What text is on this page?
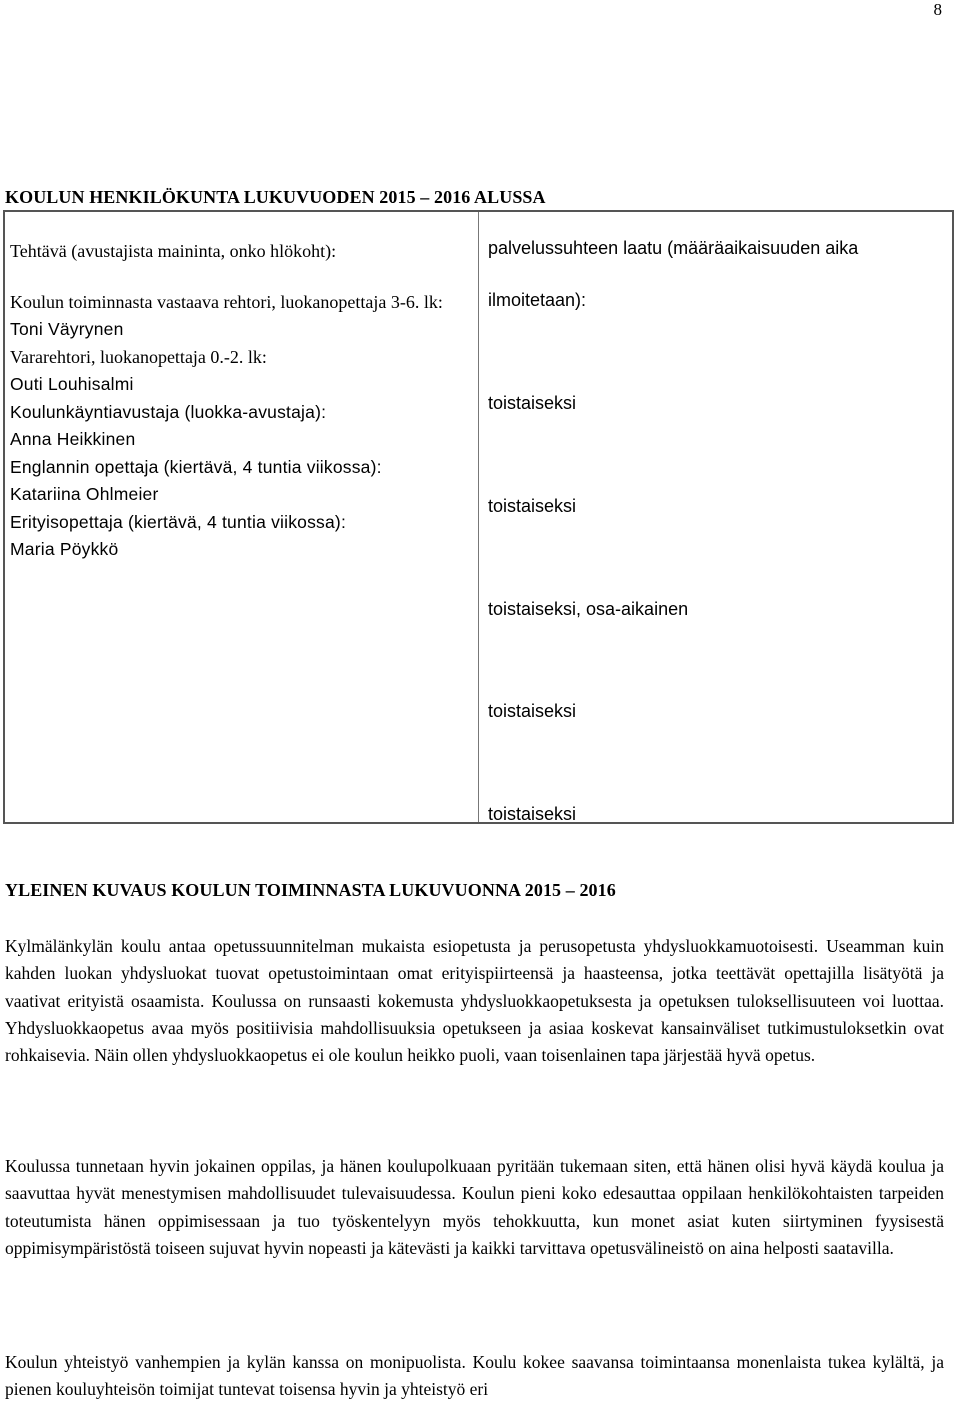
8
KOULUN HENKILÖKUNTA LUKUVUODEN 2015 – 2016 ALUSSA
Tehtävä (avustajista maininta, onko hlökoht):
Koulun toiminnasta vastaava rehtori, luokanopettaja 3-6. lk:
Toni Väyrynen
Vararehtori, luokanopettaja 0.-2. lk:
Outi Louhisalmi
Koulunkäyntiavustaja (luokka-avustaja):
Anna Heikkinen
Englannin opettaja (kiertävä, 4 tuntia viikossa):
Katariina Ohlmeier
Erityisopettaja (kiertävä, 4 tuntia viikossa):
Maria Pöykkö
palvelussuhteen laatu (määräaikaisuuden aika
ilmoitetaan):
toistaiseksi
toistaiseksi
toistaiseksi, osa-aikainen
toistaiseksi
toistaiseksi
YLEINEN KUVAUS KOULUN TOIMINNASTA LUKUVUONNA 2015 – 2016

Kylmälänkylän koulu antaa opetussuunnitelman mukaista esiopetusta ja perusopetusta yhdysluokkamuotoisesti. Useamman kuin kahden luokan yhdysluokat tuovat opetustoimintaan omat erityispiirteensä ja haasteensa, jotka teettävät opettajilla lisätyötä ja vaativat erityistä osaamista. Koulussa on runsaasti kokemusta yhdysluokkaopetuksesta ja opetuksen tuloksellisuuteen voi luottaa. Yhdysluokkaopetus avaa myös positiivisia mahdollisuuksia opetukseen ja asiaa koskevat kansainväliset tutkimustuloksetkin ovat rohkaisevia. Näin ollen yhdysluokkaopetus ei ole koulun heikko puoli, vaan toisenlainen tapa järjestää hyvä opetus.

Koulussa tunnetaan hyvin jokainen oppilas, ja hänen koulupolkuaan pyritään tukemaan siten, että hänen olisi hyvä käydä koulua ja saavuttaa hyvät menestymisen mahdollisuudet tulevaisuudessa. Koulun pieni koko edesauttaa oppilaan henkilökohtaisten tarpeiden toteutumista hänen oppimisessaan ja tuo työskentelyyn myös tehokkuutta, kun monet asiat kuten siirtyminen fyysisestä oppimisympäristöstä toiseen sujuvat hyvin nopeasti ja kätevästi ja kaikki tarvittava opetusvälineistö on aina helposti saatavilla.

Koulun yhteistyö vanhempien ja kylän kanssa on monipuolista. Koulu kokee saavansa toimintaansa monenlaista tukea kylältä, ja pienen kouluyhteisön toimijat tuntevat toisensa hyvin ja yhteistyö eri
